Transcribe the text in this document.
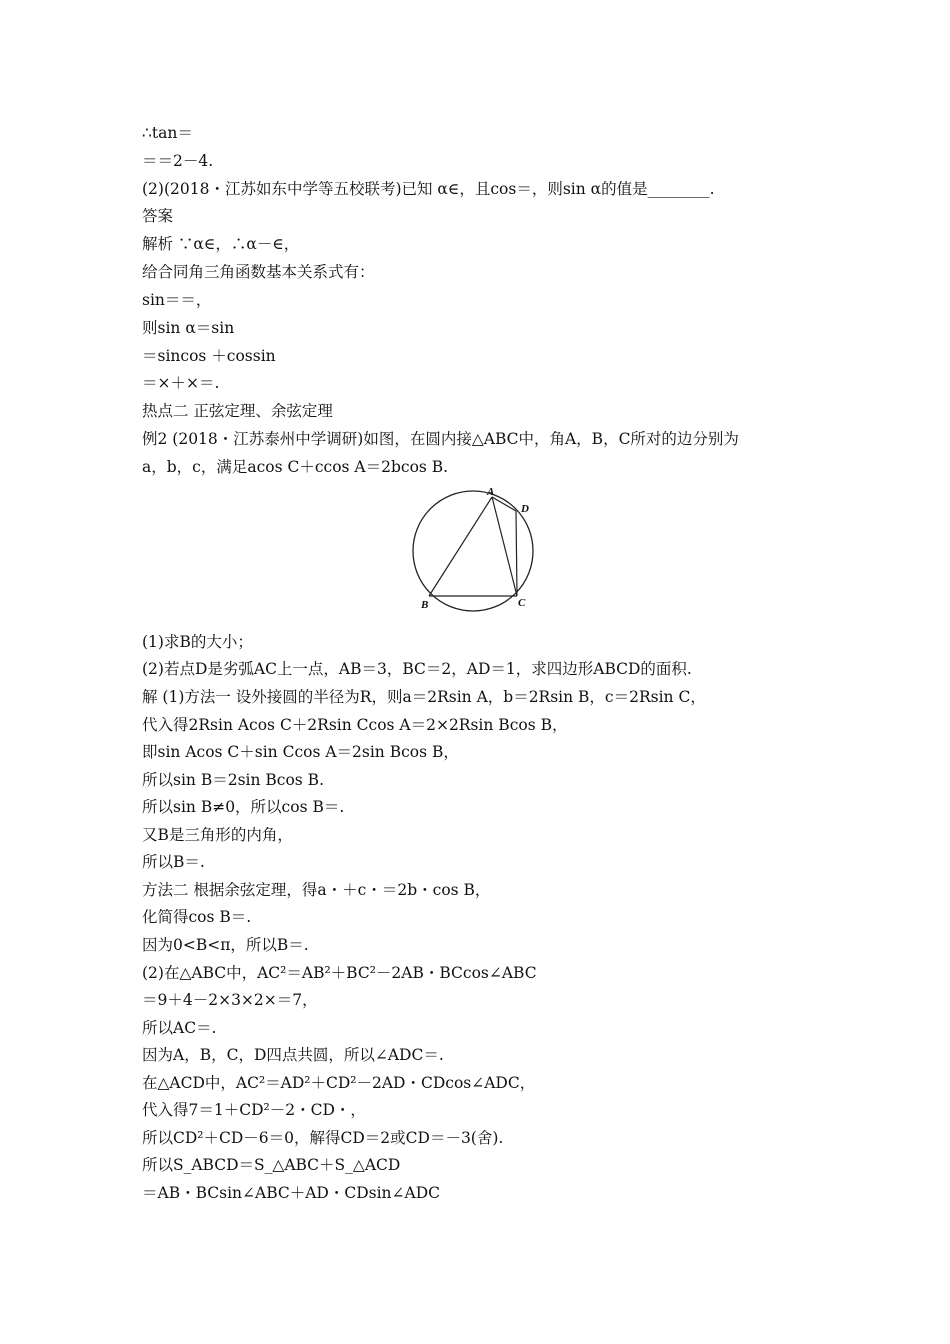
∴tan＝
＝＝2－4.
(2)(2018・江苏如东中学等五校联考)已知 α∈，且cos＝，则sin α的值是________.
答案
解析 ∵α∈，∴α－∈，
给合同角三角函数基本关系式有：
sin＝＝，
则sin α＝sin
＝sincos ＋cossin
＝×＋×＝.
热点二 正弦定理、余弦定理
例2 (2018・江苏泰州中学调研)如图，在圆内接△ABC中，角A，B，C所对的边分别为
a，b，c，满足acos C＋ccos A＝2bcos B.
A
D
B	C
(1)求B的大小；
(2)若点D是劣弧AC上一点，AB＝3，BC＝2，AD＝1，求四边形ABCD的面积.
解 (1)方法一 设外接圆的半径为R，则a＝2Rsin A，b＝2Rsin B，c＝2Rsin C，
代入得2Rsin Acos C＋2Rsin Ccos A＝2×2Rsin Bcos B，
即sin Acos C＋sin Ccos A＝2sin Bcos B，
所以sin B＝2sin Bcos B.
所以sin B≠0，所以cos B＝.
又B是三角形的内角，
所以B＝.
方法二 根据余弦定理，得a・＋c・＝2b・cos B，
化简得cos B＝.
因为0<B<π，所以B＝.
(2)在△ABC中，AC²＝AB²＋BC²－2AB・BCcos∠ABC
＝9＋4－2×3×2×＝7，
所以AC＝.
因为A，B，C，D四点共圆，所以∠ADC＝.
在△ACD中，AC²＝AD²＋CD²－2AD・CDcos∠ADC，
代入得7＝1＋CD²－2・CD・，
所以CD²＋CD－6＝0，解得CD＝2或CD＝－3(舍).
所以S_ABCD＝S_△ABC＋S_△ACD
＝AB・BCsin∠ABC＋AD・CDsin∠ADC
